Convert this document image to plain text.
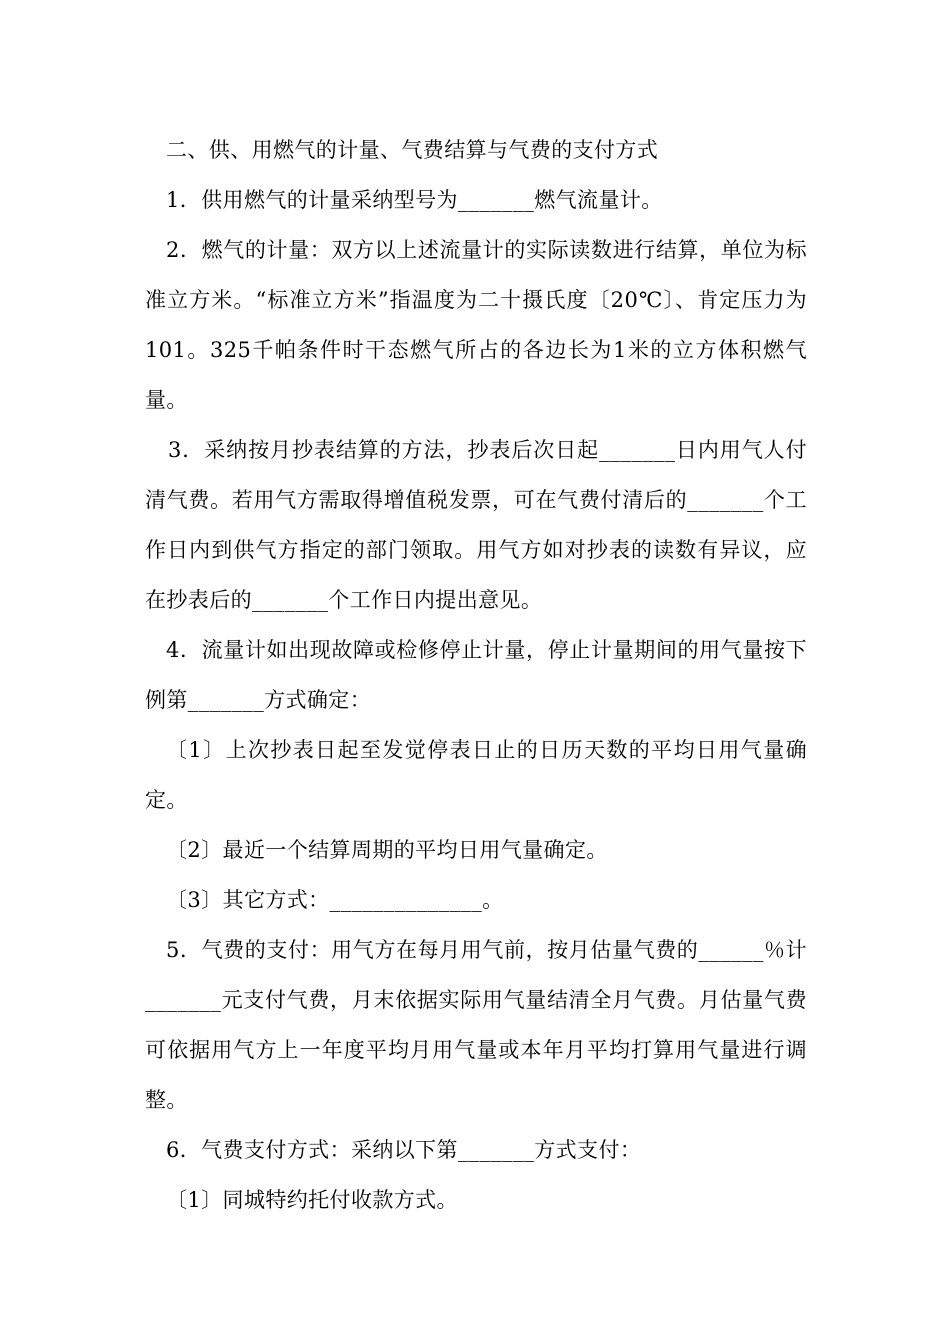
二、供、用燃气的计量、气费结算与气费的支付方式

1．供用燃气的计量采纳型号为_______燃气流量计。

2．燃气的计量：双方以上述流量计的实际读数进行结算，单位为标准立方米。“标准立方米”指温度为二十摄氏度〔20℃〕、肯定压力为101。325千帕条件时干态燃气所占的各边长为1米的立方体积燃气量。

3．采纳按月抄表结算的方法，抄表后次日起_______日内用气人付清气费。若用气方需取得增值税发票，可在气费付清后的_______个工作日内到供气方指定的部门领取。用气方如对抄表的读数有异议，应在抄表后的_______个工作日内提出意见。

4．流量计如出现故障或检修停止计量，停止计量期间的用气量按下例第_______方式确定：

〔1〕上次抄表日起至发觉停表日止的日历天数的平均日用气量确定。

〔2〕最近一个结算周期的平均日用气量确定。

〔3〕其它方式：______________。

5．气费的支付：用气方在每月用气前，按月估量气费的______％计_______元支付气费，月末依据实际用气量结清全月气费。月估量气费可依据用气方上一年度平均月用气量或本年月平均打算用气量进行调整。

6．气费支付方式：采纳以下第_______方式支付：

〔1〕同城特约托付收款方式。
